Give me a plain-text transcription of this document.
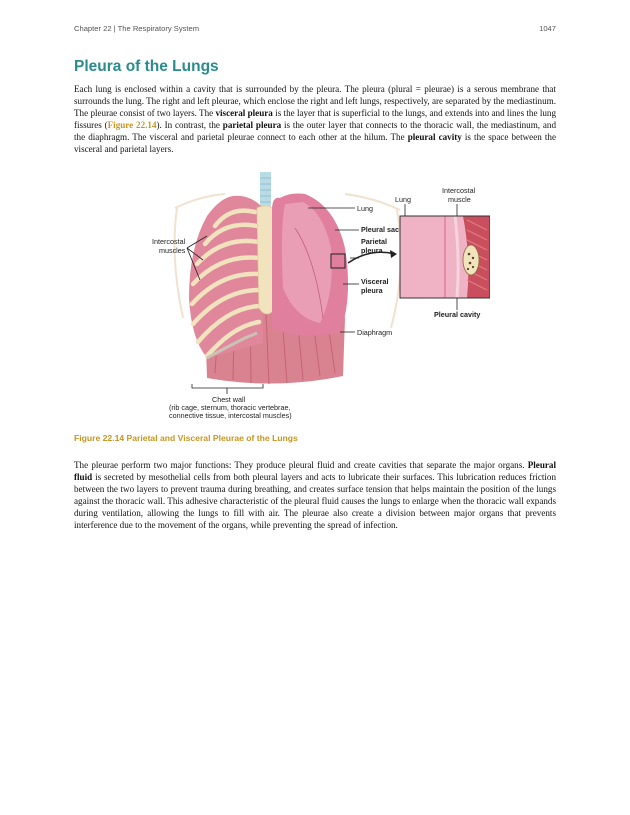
Chapter 22 | The Respiratory System	1047
Pleura of the Lungs

Each lung is enclosed within a cavity that is surrounded by the pleura. The pleura (plural = pleurae) is a serous membrane that surrounds the lung. The right and left pleurae, which enclose the right and left lungs, respectively, are separated by the mediastinum. The pleurae consist of two layers. The visceral pleura is the layer that is superficial to the lungs, and extends into and lines the lung fissures (Figure 22.14). In contrast, the parietal pleura is the outer layer that connects to the thoracic wall, the mediastinum, and the diaphragm. The visceral and parietal pleurae connect to each other at the hilum. The pleural cavity is the space between the visceral and parietal layers.

Lung
Pleural sac
Parietal
pleura
Visceral
pleura
Diaphragm
Intercostal
muscles
Lung
Intercostal
muscle
Pleural cavity
Chest wall
(rib cage, sternum, thoracic vertebrae,
connective tissue, intercostal muscles)

Figure 22.14 Parietal and Visceral Pleurae of the Lungs

The pleurae perform two major functions: They produce pleural fluid and create cavities that separate the major organs. Pleural fluid is secreted by mesothelial cells from both pleural layers and acts to lubricate their surfaces. This lubrication reduces friction between the two layers to prevent trauma during breathing, and creates surface tension that helps maintain the position of the lungs against the thoracic wall. This adhesive characteristic of the pleural fluid causes the lungs to enlarge when the thoracic wall expands during ventilation, allowing the lungs to fill with air. The pleurae also create a division between major organs that prevents interference due to the movement of the organs, while preventing the spread of infection.
